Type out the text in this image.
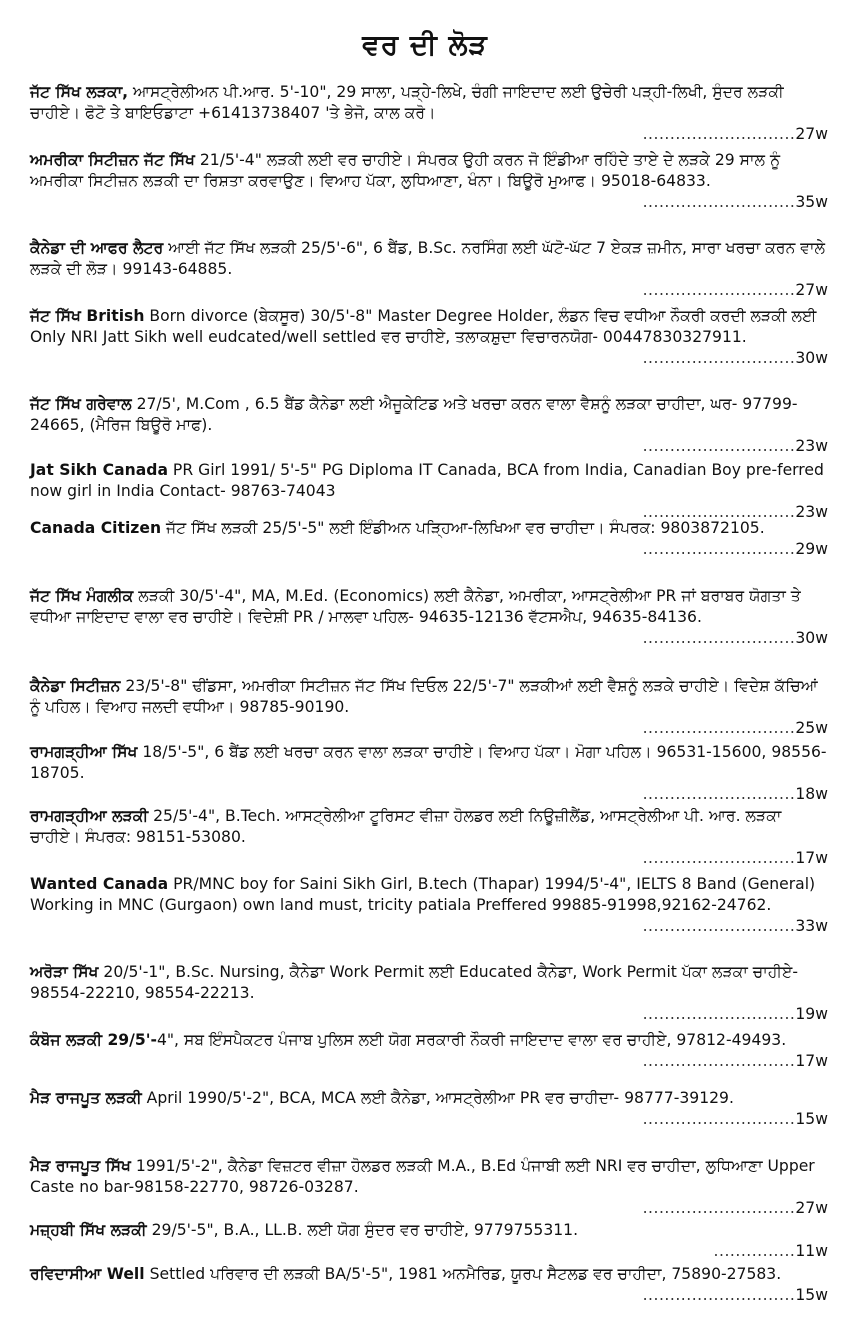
ਵਰ ਦੀ ਲੋੜ
ਜੱਟ ਸਿੱਖ ਲੜਕਾ, ਆਸਟ੍ਰੇਲੀਅਨ ਪੀ.ਆਰ. 5'-10", 29 ਸਾਲਾ, ਪੜ੍ਹੇ-ਲਿਖੇ, ਚੰਗੀ ਜਾਇਦਾਦ ਲਈ ਉਚੇਰੀ ਪੜ੍ਹੀ-ਲਿਖੀ, ਸੁੰਦਰ ਲੜਕੀ ਚਾਹੀਏ। ਫੋਟੋ ਤੇ ਬਾਇਓਡਾਟਾ +61413738407 'ਤੇ ਭੇਜੋ, ਕਾਲ ਕਰੋ।
............................ 27w
ਅਮਰੀਕਾ ਸਿਟੀਜ਼ਨ ਜੱਟ ਸਿੱਖ 21/5'-4" ਲੜਕੀ ਲਈ ਵਰ ਚਾਹੀਏ। ਸੰਪਰਕ ਉਹੀ ਕਰਨ ਜੋ ਇੰਡੀਆ ਰਹਿੰਦੇ ਤਾਏ ਦੇ ਲੜਕੇ 29 ਸਾਲ ਨੂੰ ਅਮਰੀਕਾ ਸਿਟੀਜ਼ਨ ਲੜਕੀ ਦਾ ਰਿਸ਼ਤਾ ਕਰਵਾਉਣ। ਵਿਆਹ ਪੱਕਾ, ਲੁਧਿਆਣਾ, ਖੰਨਾ। ਬਿਊਰੋ ਮੁਆਫ। 95018-64833.
............................ 35w
ਕੈਨੇਡਾ ਦੀ ਆਫਰ ਲੈਟਰ ਆਈ ਜੱਟ ਸਿੱਖ ਲੜਕੀ 25/5'-6", 6 ਬੈਂਡ, B.Sc. ਨਰਸਿੰਗ ਲਈ ਘੱਟੋ-ਘੱਟ 7 ਏਕੜ ਜ਼ਮੀਨ, ਸਾਰਾ ਖਰਚਾ ਕਰਨ ਵਾਲੇ ਲੜਕੇ ਦੀ ਲੋੜ। 99143-64885.
............................ 27w
ਜੱਟ ਸਿੱਖ British Born divorce (ਬੇਕਸੂਰ) 30/5'-8" Master Degree Holder, ਲੰਡਨ ਵਿਚ ਵਧੀਆ ਨੌਕਰੀ ਕਰਦੀ ਲੜਕੀ ਲਈ Only NRI Jatt Sikh well eudcated/well settled ਵਰ ਚਾਹੀਏ, ਤਲਾਕਸ਼ੁਦਾ ਵਿਚਾਰਨਯੋਗ- 00447830327911.
............................ 30w
ਜੱਟ ਸਿੱਖ ਗਰੇਵਾਲ 27/5', M.Com , 6.5 ਬੈਂਡ ਕੈਨੇਡਾ ਲਈ ਐਜੂਕੇਟਿਡ ਅਤੇ ਖਰਚਾ ਕਰਨ ਵਾਲਾ ਵੈਸ਼ਨੂੰ ਲੜਕਾ ਚਾਹੀਦਾ, ਘਰ- 97799-24665, (ਮੈਰਿਜ ਬਿਊਰੋ ਮਾਫ).
............................ 23w
Jat Sikh Canada PR Girl 1991/ 5'-5" PG Diploma IT Canada, BCA from India, Canadian Boy pre-ferred now girl in India Contact- 98763-74043
............................ 23w
Canada Citizen ਜੱਟ ਸਿੱਖ ਲੜਕੀ 25/5'-5" ਲਈ ਇੰਡੀਅਨ ਪੜ੍ਹਿਆ-ਲਿਖਿਆ ਵਰ ਚਾਹੀਦਾ। ਸੰਪਰਕ: 9803872105.
............................ 29w
ਜੱਟ ਸਿੱਖ ਮੰਗਲੀਕ ਲੜਕੀ 30/5'-4", MA, M.Ed. (Economics) ਲਈ ਕੈਨੇਡਾ, ਅਮਰੀਕਾ, ਆਸਟ੍ਰੇਲੀਆ PR ਜਾਂ ਬਰਾਬਰ ਯੋਗਤਾ ਤੇ ਵਧੀਆ ਜਾਇਦਾਦ ਵਾਲਾ ਵਰ ਚਾਹੀਏ। ਵਿਦੇਸ਼ੀ PR / ਮਾਲਵਾ ਪਹਿਲ- 94635-12136 ਵੱਟਸਐਪ, 94635-84136.
............................ 30w
ਕੈਨੇਡਾ ਸਿਟੀਜ਼ਨ 23/5'-8" ਢੀਂਡਸਾ, ਅਮਰੀਕਾ ਸਿਟੀਜ਼ਨ ਜੱਟ ਸਿੱਖ ਦਿਓਲ 22/5'-7" ਲੜਕੀਆਂ ਲਈ ਵੈਸ਼ਨੂੰ ਲੜਕੇ ਚਾਹੀਏ। ਵਿਦੇਸ਼ ਕੱਚਿਆਂ ਨੂੰ ਪਹਿਲ। ਵਿਆਹ ਜਲਦੀ ਵਧੀਆ। 98785-90190.
............................ 25w
ਰਾਮਗੜ੍ਹੀਆ ਸਿੱਖ 18/5'-5", 6 ਬੈਂਡ ਲਈ ਖਰਚਾ ਕਰਨ ਵਾਲਾ ਲੜਕਾ ਚਾਹੀਏ। ਵਿਆਹ ਪੱਕਾ। ਮੋਗਾ ਪਹਿਲ। 96531-15600, 98556-18705.
............................ 18w
ਰਾਮਗੜ੍ਹੀਆ ਲੜਕੀ 25/5'-4", B.Tech. ਆਸਟ੍ਰੇਲੀਆ ਟੂਰਿਸਟ ਵੀਜ਼ਾ ਹੋਲਡਰ ਲਈ ਨਿਊਜ਼ੀਲੈਂਡ, ਆਸਟ੍ਰੇਲੀਆ ਪੀ. ਆਰ. ਲੜਕਾ ਚਾਹੀਏ। ਸੰਪਰਕ: 98151-53080.
............................ 17w
Wanted Canada PR/MNC boy for Saini Sikh Girl, B.tech (Thapar) 1994/5'-4", IELTS 8 Band (General) Working in MNC (Gurgaon) own land must, tricity patiala Preffered 99885-91998,92162-24762.
............................ 33w
ਅਰੋੜਾ ਸਿੱਖ 20/5'-1", B.Sc. Nursing, ਕੈਨੇਡਾ Work Permit ਲਈ Educated ਕੈਨੇਡਾ, Work Permit ਪੱਕਾ ਲੜਕਾ ਚਾਹੀਏ- 98554-22210, 98554-22213.
............................ 19w
ਕੰਬੋਜ ਲੜਕੀ 29/5'-4", ਸਬ ਇੰਸਪੈਕਟਰ ਪੰਜਾਬ ਪੁਲਿਸ ਲਈ ਯੋਗ ਸਰਕਾਰੀ ਨੌਕਰੀ ਜਾਇਦਾਦ ਵਾਲਾ ਵਰ ਚਾਹੀਏ, 97812-49493.
............................ 17w
ਮੈੜ ਰਾਜਪੂਤ ਲੜਕੀ April 1990/5'-2", BCA, MCA ਲਈ ਕੈਨੇਡਾ, ਆਸਟ੍ਰੇਲੀਆ PR ਵਰ ਚਾਹੀਦਾ- 98777-39129.
............................ 15w
ਮੈੜ ਰਾਜਪੂਤ ਸਿੱਖ 1991/5'-2", ਕੈਨੇਡਾ ਵਿਜ਼ਟਰ ਵੀਜ਼ਾ ਹੋਲਡਰ ਲੜਕੀ M.A., B.Ed ਪੰਜਾਬੀ ਲਈ NRI ਵਰ ਚਾਹੀਦਾ, ਲੁਧਿਆਣਾ Upper Caste no bar-98158-22770, 98726-03287.
............................ 27w
ਮਜ਼੍ਹਬੀ ਸਿੱਖ ਲੜਕੀ 29/5'-5", B.A., LL.B. ਲਈ ਯੋਗ ਸੁੰਦਰ ਵਰ ਚਾਹੀਏ, 9779755311.
............... 11w
ਰਵਿਦਾਸੀਆ Well Settled ਪਰਿਵਾਰ ਦੀ ਲੜਕੀ BA/5'-5", 1981 ਅਨਮੈਰਿਡ, ਯੂਰਪ ਸੈਟਲਡ ਵਰ ਚਾਹੀਦਾ, 75890-27583.
............................ 15w
